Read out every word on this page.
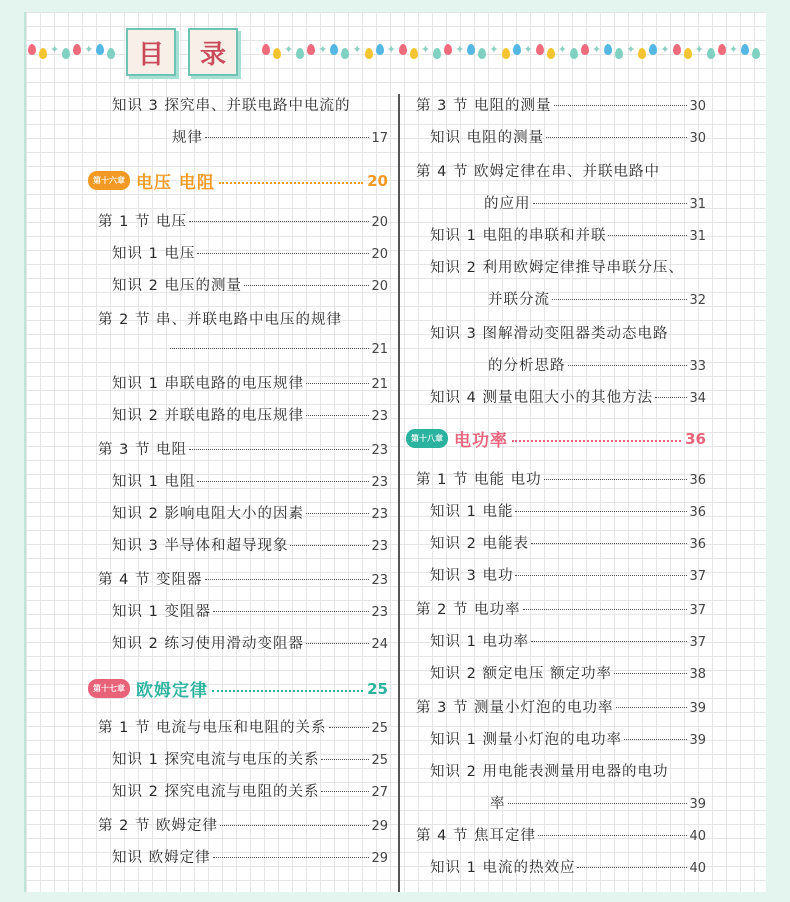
✦ ✦	✦ ✦ ✦ ✦ ✦ ✦ ✦ ✦ ✦ ✦ ✦ ✦ ✦ ✦
目 录
知识 3 探究串、并联电路中电流的
规律	17
第十六章 电压 电阻	20
第 1 节 电压	20
知识 1 电压	20
知识 2 电压的测量	20
第 2 节 串、并联电路中电压的规律
21
知识 1 串联电路的电压规律	21
知识 2 并联电路的电压规律	23
第 3 节 电阻	23
知识 1 电阻	23
知识 2 影响电阻大小的因素	23
知识 3 半导体和超导现象	23
第 4 节 变阻器	23
知识 1 变阻器	23
知识 2 练习使用滑动变阻器	24
第十七章 欧姆定律	25
第 1 节 电流与电压和电阻的关系	25
知识 1 探究电流与电压的关系	25
知识 2 探究电流与电阻的关系	27
第 2 节 欧姆定律	29
知识 欧姆定律	29
第 3 节 电阻的测量	30
知识 电阻的测量	30
第 4 节 欧姆定律在串、并联电路中
的应用	31
知识 1 电阻的串联和并联	31
知识 2 利用欧姆定律推导串联分压、
并联分流	32
知识 3 图解滑动变阻器类动态电路
的分析思路	33
知识 4 测量电阻大小的其他方法	34
第十八章 电功率	36
第 1 节 电能 电功	36
知识 1 电能	36
知识 2 电能表	36
知识 3 电功	37
第 2 节 电功率	37
知识 1 电功率	37
知识 2 额定电压 额定功率	38
第 3 节 测量小灯泡的电功率	39
知识 1 测量小灯泡的电功率	39
知识 2 用电能表测量用电器的电功
率	39
第 4 节 焦耳定律	40
知识 1 电流的热效应	40
